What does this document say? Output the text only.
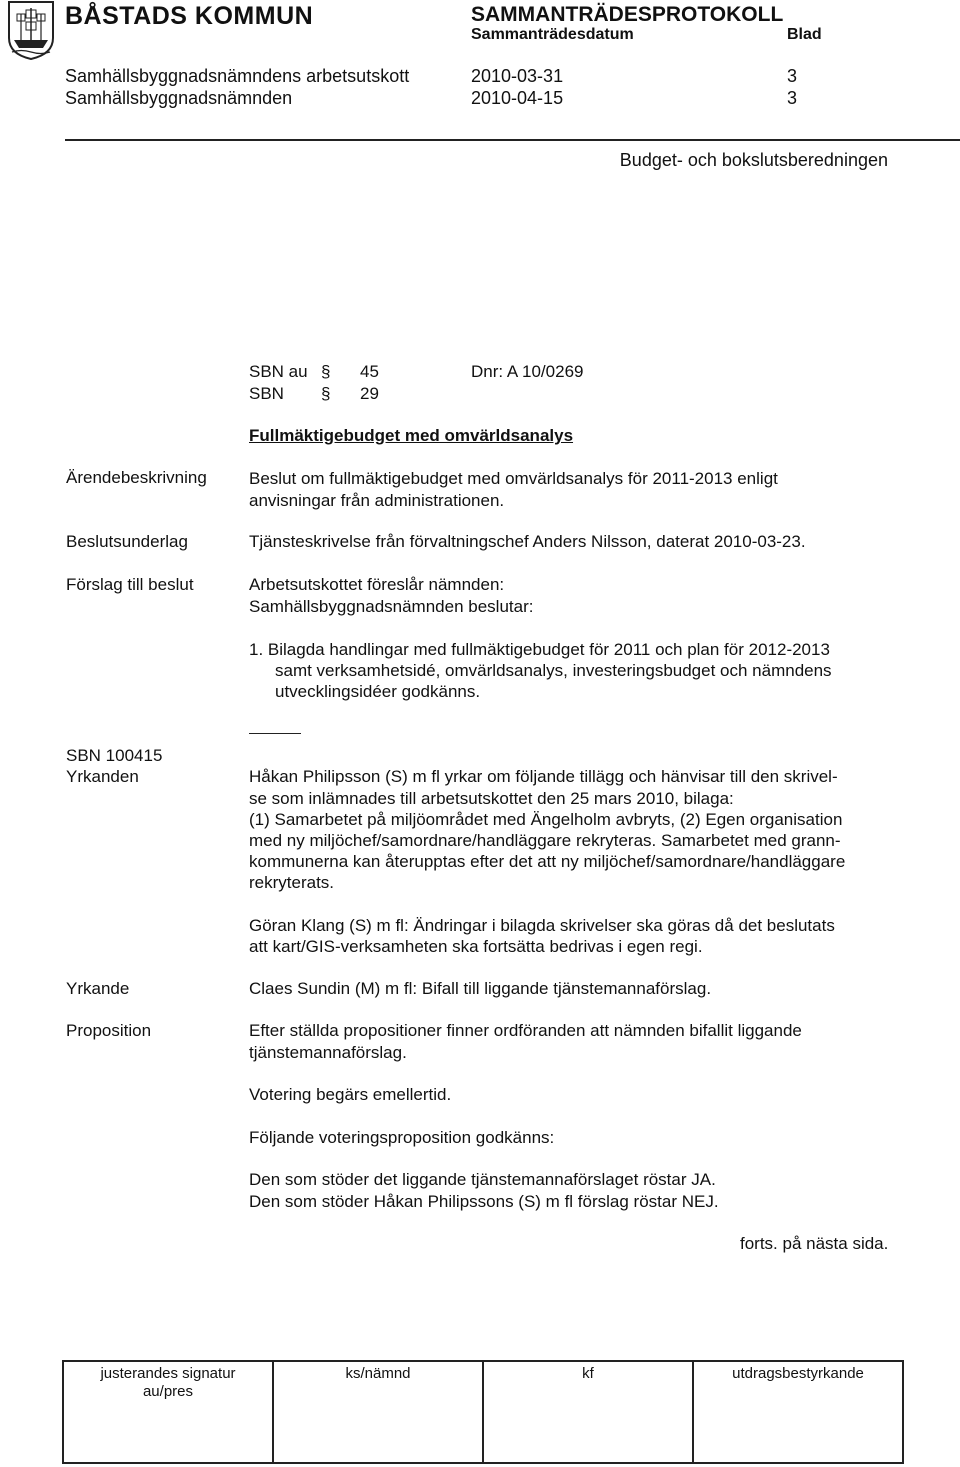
BÅSTADS KOMMUN	SAMMANTRÄDESPROTOKOLL
Sammanträdesdatum	Blad
Samhällsbyggnadsnämndens arbetsutskott	2010-03-31	3
Samhällsbyggnadsnämnden	2010-04-15	3
Budget- och bokslutsberedningen
SBN au § 45	Dnr: A 10/0269
SBN § 29
Fullmäktigebudget med omvärldsanalys
Ärendebeskrivning Beslut om fullmäktigebudget med omvärldsanalys för 2011-2013 enligt anvisningar från administrationen.
Beslutsunderlag	Tjänsteskrivelse från förvaltningschef Anders Nilsson, daterat 2010-03-23.
Förslag till beslut	Arbetsutskottet föreslår nämnden:
Samhällsbyggnadsnämnden beslutar:
1. Bilagda handlingar med fullmäktigebudget för 2011 och plan för 2012-2013
samt verksamhetsidé, omvärldsanalys, investeringsbudget och nämndens
utvecklingsidéer godkänns.
SBN 100415
Yrkanden	Håkan Philipsson (S) m fl yrkar om följande tillägg och hänvisar till den skrivel-
se som inlämnades till arbetsutskottet den 25 mars 2010, bilaga:
(1) Samarbetet på miljöområdet med Ängelholm avbryts, (2) Egen organisation
med ny miljöchef/samordnare/handläggare rekryteras. Samarbetet med grann-
kommunerna kan återupptas efter det att ny miljöchef/samordnare/handläggare
rekryterats.
Göran Klang (S) m fl: Ändringar i bilagda skrivelser ska göras då det beslutats
att kart/GIS-verksamheten ska fortsätta bedrivas i egen regi.
Yrkande	Claes Sundin (M) m fl: Bifall till liggande tjänstemannaförslag.
Proposition	Efter ställda propositioner finner ordföranden att nämnden bifallit liggande
tjänstemannaförslag.
Votering begärs emellertid.
Följande voteringsproposition godkänns:
Den som stöder det liggande tjänstemannaförslaget röstar JA.
Den som stöder Håkan Philipssons (S) m fl förslag röstar NEJ.
forts. på nästa sida.
justerandes signatur
au/pres	ks/nämnd	kf	utdragsbestyrkande
